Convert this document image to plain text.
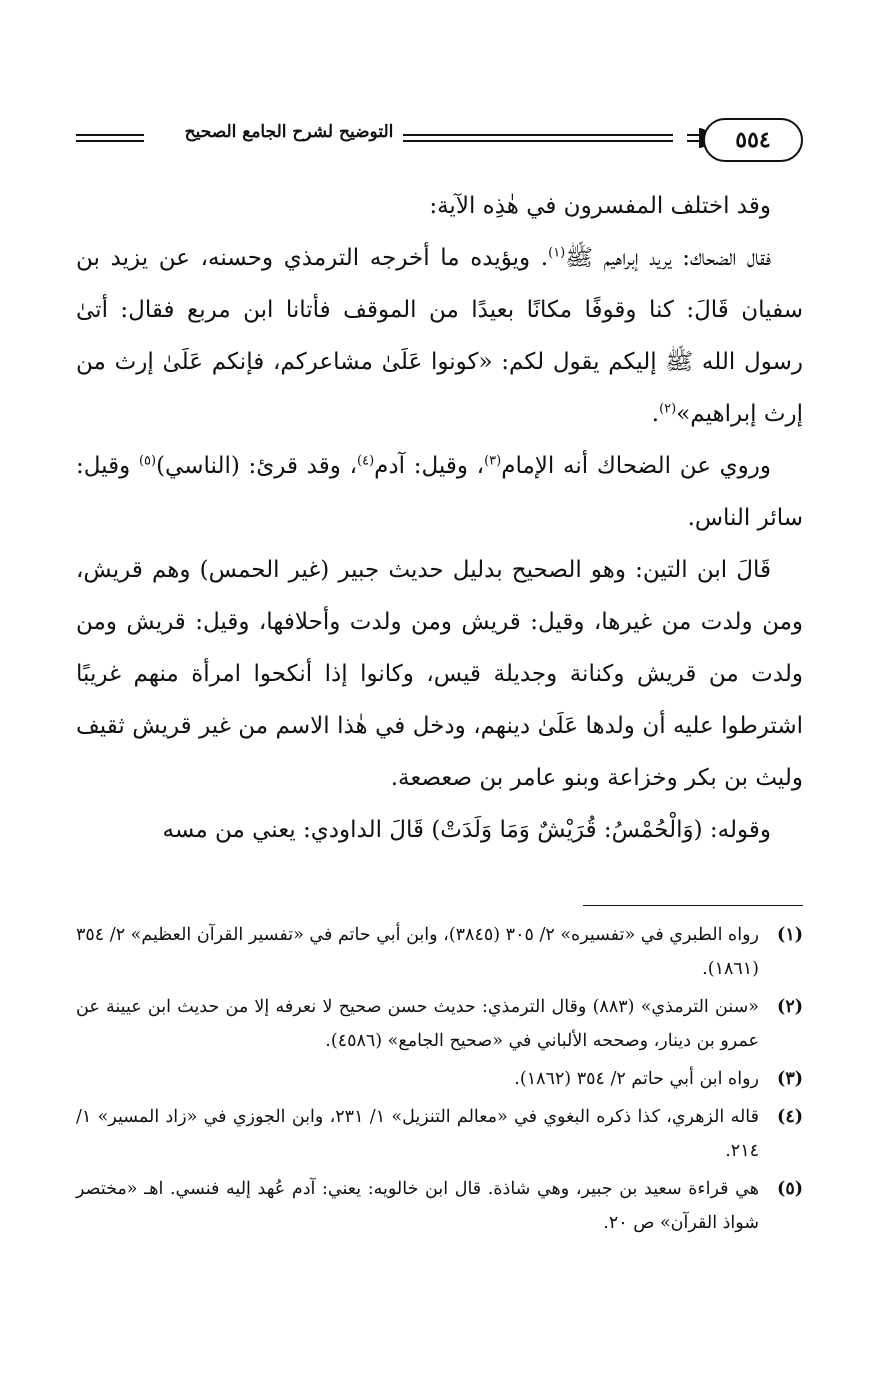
٥٥٤
التوضيح لشرح الجامع الصحيح

وقد اختلف المفسرون في هٰذِه الآية:

فقال الضحاك: يريد إبراهيم ﷺ$^{(١)}$. ويؤيده ما أخرجه الترمذي وحسنه، عن يزيد بن سفيان قَالَ: كنا وقوفًا مكانًا بعيدًا من الموقف فأتانا ابن مربع فقال: أتىٰ رسول الله ﷺ إليكم يقول لكم: «كونوا عَلَىٰ مشاعركم، فإنكم عَلَىٰ إرث من إرث إبراهيم»$^{(٢)}$.

وروي عن الضحاك أنه الإمام$^{(٣)}$، وقيل: آدم$^{(٤)}$، وقد قرئ: (الناسي)$^{(٥)}$ وقيل: سائر الناس.

قَالَ ابن التين: وهو الصحيح بدليل حديث جبير (غير الحمس) وهم قريش، ومن ولدت من غيرها، وقيل: قريش ومن ولدت وأحلافها، وقيل: قريش ومن ولدت من قريش وكنانة وجديلة قيس، وكانوا إذا أنكحوا امرأة منهم غريبًا اشترطوا عليه أن ولدها عَلَىٰ دينهم، ودخل في هٰذا الاسم من غير قريش ثقيف وليث بن بكر وخزاعة وبنو عامر بن صعصعة.

وقوله: (وَالْحُمْسُ: قُرَيْشٌ وَمَا وَلَدَتْ) قَالَ الداودي: يعني من مسه

(١)
رواه الطبري في «تفسيره» ٢/ ٣٠٥ (٣٨٤٥)، وابن أبي حاتم في «تفسير القرآن العظيم» ٢/ ٣٥٤ (١٨٦١).
(٢)
«سنن الترمذي» (٨٨٣) وقال الترمذي: حديث حسن صحيح لا نعرفه إلا من حديث ابن عيينة عن عمرو بن دينار، وصححه الألباني في «صحيح الجامع» (٤٥٨٦).
(٣)
رواه ابن أبي حاتم ٢/ ٣٥٤ (١٨٦٢).
(٤)
قاله الزهري، كذا ذكره البغوي في «معالم التنزيل» ١/ ٢٣١، وابن الجوزي في «زاد المسير» ١/ ٢١٤.
(٥)
هي قراءة سعيد بن جبير، وهي شاذة. قال ابن خالويه: يعني: آدم عُهد إليه فنسي. اهـ «مختصر شواذ القرآن» ص ٢٠.
